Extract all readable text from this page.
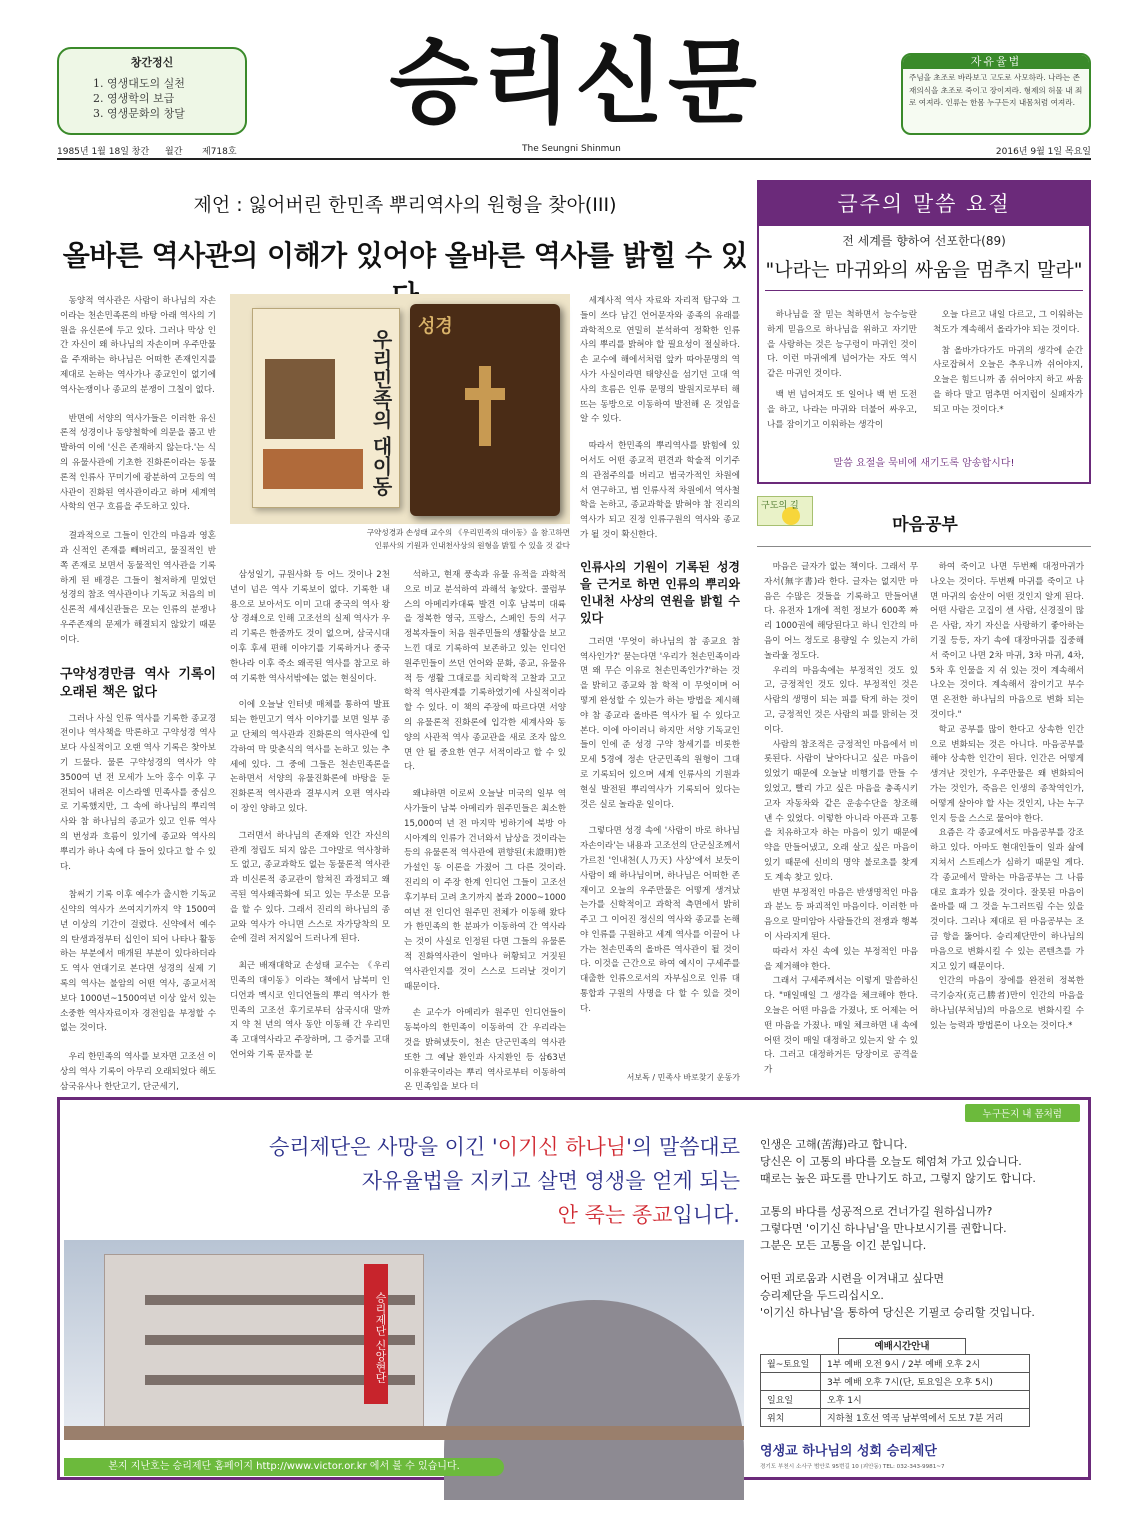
창간정신
1. 영생대도의 실천
2. 영생학의 보급
3. 영생문화의 창달	승리신문	자유율법
주님을 초조로 바라보고 고도로 사모하라. 나라는 존재의식을 초조로 죽이고 장이져라. 형제의 허물 내 죄로 여져라. 인류는 한몸 누구든지 내몸처럼 여져라.
1985년 1월 18일 창간 월간 제718호	The Seungni Shinmun	2016년 9월 1일 목요일
제언 : 잃어버린 한민족 뿌리역사의 원형을 찾아(III)
올바른 역사관의 이해가 있어야 올바른 역사를 밝힐 수 있

동양적 역사관은 사람이 하나님의 자손이라는 천손민족론의 바탕 아래 역사의 기원을 유신론에 두고 있다. 그러나 막상 인간 자신이 왜 하나님의 자손이며 우주만물을 주재하는 하나님은 어떠한 존재인지를 제대로 논하는 역사가나 종교인이 없기에 역사논쟁이나 종교의 분쟁이 그칠이 없다.

반면에 서양의 역사가들은 이러한 유신론적 성경이나 동양철학에 의문을 품고 반발하여 이에 '신은 존재하지 않는다.'는 식의 유물사관에 기초한 진화론이라는 동물론적 인류사 꾸미기에 광분하여 고등의 역사관이 진화된 역사관이라고 하며 세계역사학의 연구 흐름을 주도하고 있다.

결과적으로 그들이 인간의 마음과 영혼과 신적인 존재를 빼버리고, 물질적인 반쪽 존재로 보면서 동물적인 역사관을 기록하게 된 배경은 그들이 철저하게 믿었던 성경의 참조 역사관이나 기독교 처음의 비신론적 세세신관들은 모는 인류의 분쟁나 우주존재의 문제가 해결되지 않았기 때문이다.

구약성경만큼 역사 기록이 오래된 책은 없다

그러나 사실 인류 역사를 기록한 종교경전이나 역사책을 막론하고 구약성경 역사보다 사실적이고 오랜 역사 기록은 찾아보기 드물다. 물론 구약성경의 역사가 약 3500여 년 전 모세가 노아 홍수 이후 구전되어 내려온 이스라엘 민족사를 중심으로 기록했지만, 그 속에 하나님의 뿌리역사와 참 하나님의 종교가 있고 인류 역사의 번성과 흐름이 있기에 종교와 역사의 뿌리가 하나 속에 다 들어 있다고 할 수 있다.

참써기 기록 이후 예수가 출시한 기독교 신약의 역사가 쓰여지기까지 약 1500여 년 이상의 기간이 걸렸다. 신약에서 예수의 탄생과정부터 십인이 되어 나타나 활동하는 부분에서 매개된 부분이 있다하더라도 역사 연대기로 본다면 성경의 실제 기록의 역사는 불암의 어떤 역사, 종교서적보다 1000년~1500여년 이상 앞서 있는 소중한 역사자료이자 경전임을 부정할 수 없는 것이다.

우리 한민족의 역사를 보자면 고조선 이상의 역사 기록이 아무리 오래되었다 해도 삼국유사나 한단고기, 단군세기,

우리민족의 대이동
성경
구약성경과 손성태 교수의 《우리민족의 대이동》을 참고하면 인류사의 기원과 인내천사상의 원형을 밝힐 수 있을 것 같다

삼성일기, 규원사화 등 어느 것이나 2천년이 넘은 역사 기록보이 없다. 기록한 내용으로 보아서도 이미 고대 중국의 역사 왕상 경쇄으로 인해 고조선의 실제 역사가 우리 기록은 한줌까도 것이 없으며, 삼국시대 이후 후세 편해 이야기를 기록하거나 중국 한나라 이후 죽소 왜곡된 역사를 참고로 하여 기록한 역사서밖에는 없는 현실이다.

이에 오늘날 인터넷 매체를 통하여 발표되는 한민고기 역사 이야기를 보면 일부 종교 단체의 역사관과 진화론의 역사관에 입각하여 막 맞춘식의 역사를 논하고 있는 추세에 있다. 그 중에 그들은 천손민족론을 논하면서 서양의 유물진화론에 바탕을 둔 진화론적 역사관과 결부시켜 오편 역사라이 장인 양하고 있다.

그러면서 하나님의 존재와 인간 자신의 관계 정립도 되지 않은 그야말로 역사창하도 없고, 종교과학도 없는 동물론적 역사관과 비신론적 종교관이 함쳐진 과정되고 왜곡된 역사왜곡화에 되고 있는 무소문 모음을 할 수 있다. 그래서 진리의 하나님의 종교와 역사가 아니면 스스로 자가당착의 모순에 걸려 저지잃어 드러나게 된다.

최근 배재대학교 손성태 교수는 《우리민족의 대이동》이라는 책에서 남북미 인디언과 멕시코 인디언들의 뿌리 역사가 한민족의 고조선 후기로부터 삼국시대 말까지 약 천 년의 역사 동안 이동해 간 우리민족 고대역사라고 주장하며, 그 증거를 고대 언어와 기록 문자를 분

석하고, 현재 풍속과 유물 유적을 과학적으로 비교 분석하여 과해석 놓았다. 콜럼부스의 아메리카대륙 발견 이후 남북미 대륙을 정복한 영국, 프랑스, 스페인 등의 서구 정복자들이 처음 원주민들의 생활상을 보고 느낀 대로 기록하여 보존하고 있는 인디언 원주민들이 쓰던 언어와 문화, 종교, 유물유적 등 생활 그대로를 치리학적 고찰과 고고학적 역사관계를 기록하였기에 사실적이라 할 수 있다. 이 책의 주장에 따르다면 서양의 유물론적 진화론에 입각한 세계사와 동양의 사관적 역사 종교관을 새로 조자 않으면 안 될 중요한 연구 서적이라고 할 수 있다.

왜냐하면 이로써 오늘날 미국의 일부 역사가들이 남북 아메리카 원주민들은 최소한 15,000여 년 전 마지막 빙하기에 북방 아시아계의 인류가 건너와서 남상을 것이라는 등의 유물론적 역사관에 편향된(未證明)한 가설인 동 이론을 가졌어 그 다른 것이라. 진리의 이 주장 한계 인디언 그들이 고조선 후기부터 고려 초기까지 볼과 2000~1000여년 전 인디언 원주민 전체가 이동해 왔다가 한민족의 한 분파가 이동하여 간 역사라는 것이 사실로 인정된 다면 그들의 유물론적 진화역사관이 얼마나 허황되고 거짓된 역사관인지를 것이 스스로 드러날 것이기 때문이다.

손 교수가 아메리카 원주민 인디언들이 동북아의 한민족이 이동하여 간 우리라는 것을 밝혀냈듯이, 천손 단군민족의 역사관 또한 그 예날 환인과 사지환인 등 삼63년 이유환국이라는 뿌리 역사로부터 이동하여 온 민족임을 보다 더

세계사적 역사 자료와 자리적 탐구와 그들이 쓰다 남긴 언어문자와 종족의 유래를 과학적으로 연밀히 분석하여 정확한 인류사의 뿌리를 밝혀야 할 필요성이 절실하다. 손 교수에 해에서처럼 앞카 따아문명의 역사가 사실이라면 태양신을 섬기던 고대 역사의 흐름은 인류 문명의 발원지로부터 해뜨는 동방으로 이동하여 발전해 온 것임을 알 수 있다.

따라서 한민족의 뿌리역사를 밝힘에 있어서도 어떤 종교적 편견과 학술적 이기주의 관점주의를 버리고 범국가적인 차원에서 연구하고, 범 인류사적 차원에서 역사철학을 논하고, 종교과학을 밝혀야 참 진리의 역사가 되고 진정 인류구원의 역사와 종교가 될 것이 확신한다.

인류사의 기원이 기록된 성경을 근거로 하면 인류의 뿌리와 인내천 사상의 연원을 밝힐 수 있다

그러면 '무엇이 하나님의 참 종교요 참 역사인가?' 묻는다면 '우리가 천손민족이라면 왜 무슨 이유로 천손민족인가?'하는 것을 밝히고 종교와 참 학적 이 무엇이며 어떻게 완성할 수 있는가 하는 방법을 제시해야 참 종교라 올바른 역사가 될 수 있다고 본다. 이에 아이러니 하지만 서양 기독교인들이 인에 준 성경 구약 창세기를 비롯한 모세 5경에 정손 단군민족의 원형이 그대로 기록되어 있으며 세계 인류사의 기원과 현실 발전된 뿌리역사가 기록되어 있다는 것은 실로 놀라운 일이다.

그렇다면 성경 속에 '사람이 바로 하나님 자손이라'는 내용과 고조선의 단군실조께서 가르친 '인내천(人乃天) 사상'에서 보듯이 사람이 왜 하나님이며, 하나님은 어떠한 존재이고 오늘의 우주만물은 어떻게 생겨났는가를 신학적이고 과학적 측면에서 밝히주고 그 이어진 정신의 역사와 종교를 논해야 인류를 구원하고 세계 역사를 이끌어 나가는 천손민족의 올바른 역사관이 될 것이다. 이것을 근간으로 하여 예시이 구세주를 대출한 인류으로서의 자부심으로 인류 대통합과 구원의 사명을 다 할 수 있을 것이다.

서보독 / 민족사 바로찾기 운동가
금주의 말씀 요절
전 세계를 향하여 선포한다(89)
"나라는 마귀와의 싸움을 멈추지 말라"

하나님을 잘 믿는 척하면서 능수능란하게 믿음으로 하나님을 위하고 자기만을 사랑하는 것은 능구렁이 마귀인 것이다. 이런 마귀에게 넘어가는 자도 역시 같은 마귀인 것이다.

백 번 넘어져도 또 일어나 백 번 도전을 하고, 나라는 마귀와 더불어 싸우고, 나를 잠이기고 이워하는 생각이

오늘 다르고 내일 다르고, 그 이워하는 척도가 계속해서 올라가야 되는 것이다.

참 올바가다가도 마귀의 생각에 순간 사로잡혀서 오늘은 추우니까 쉬어야지, 오늘은 힘드니까 좀 쉬어야지 하고 싸움을 하다 말고 멈추면 어지럽이 실패자가 되고 마는 것이다.*

말씀 요절을 묵비에 새기도록 암송합시다!
구도의 길
마음공부

마음은 글자가 없는 책이다. 그래서 무자서(無字書)라 한다. 글자는 없지만 마음은 수많은 것들을 기록하고 만들어낸다. 유전자 1개에 적힌 정보가 600쪽 짜리 1000권에 해당된다고 하니 인간의 마음이 어느 정도로 용량일 수 있는지 가히 놀라울 정도다.

우리의 마음속에는 부정적인 것도 있고, 긍정적인 것도 있다. 부정적인 것은 사람의 생명이 되는 피를 탁게 하는 것이고, 긍정적인 것은 사람의 피를 맑히는 것이다.

사람의 참조적은 긍정적인 마음에서 비롯된다. 사람이 날아다니고 싶은 마음이 있었기 때문에 오늘날 비행기를 만들 수 있었고, 빨리 가고 싶은 마음을 충족시키고자 자동차와 같은 운송수단을 창조해 낸 수 있었다. 이렇한 아니라 아픈과 고통을 치유하고자 하는 마음이 있기 때문에 약을 만들어냈고, 오래 살고 싶은 마음이 있기 때문에 신비의 명약 불로초를 찾게도 계속 찾고 있다.

반면 부정적인 마음은 반생명적인 마음과 분노 등 파괴적인 마음이다. 이러한 마음으로 말미암아 사람들간의 전쟁과 행복이 사라지게 된다.

따라서 자신 속에 있는 부정적인 마음을 제거해야 한다.

그래서 구세주께서는 이렇게 말씀하신다. "매일매일 그 생각을 체크해야 한다. 오늘은 어떤 마음을 가졌나, 또 어제는 어떤 마음을 가졌나. 매일 체크하면 내 속에 어떤 것이 매일 대정하고 있는지 알 수 있다. 그러고 대정하거든 당장이로 공격을 가

하여 죽이고 나면 두번째 대정마귀가 나오는 것이다. 두번째 마귀를 죽이고 나면 마귀의 숨산이 어떤 것인지 알게 된다. 어떤 사람은 고집이 센 사람, 신경질이 많은 사람, 자기 자신을 사랑하기 좋아하는 기질 등등, 자기 속에 대장마귀를 집중해서 죽이고 나면 2차 마귀, 3차 마귀, 4차, 5차 후 인물을 지 쉬 있는 것이 계속해서 나오는 것이다. 계속해서 잠이기고 부수면 온전한 하나님의 마음으로 변화 되는 것이다."

학교 공부를 많이 한다고 상속한 인간으로 변화되는 것은 아니다. 마음공부를 해야 상속한 인간이 된다. 인간은 어떻게 생겨난 것인가, 우주만물은 왜 변화되어 가는 것인가, 죽음은 인생의 종착역인가, 어떻게 살아야 할 사는 것인지, 나는 누구인지 등을 스스로 물어야 한다.

요즘은 각 종교에서도 마음공부를 강조하고 있다. 아마도 현대인들이 일과 삶에 지쳐서 스트레스가 심하기 때문일 게다. 각 종교에서 말하는 마음공부는 그 나름대로 효과가 있을 것이다. 잘못된 마음이 올바를 때 그 것을 누그러뜨림 수는 있을 것이다. 그러나 제대로 된 마음공부는 조금 항을 뚫어다. 승리제단만이 하나님의 마음으로 변화시킬 수 있는 콘텐츠를 가지고 있기 때문이다.

인간의 마음이 장에를 완전히 정복한 극기승자(克己勝者)만이 인간의 마음을 하나님(부처님)의 마음으로 변화시킬 수 있는 능력과 방법론이 나오는 것이다.*

누구든지 내 몸처럼
승리제단은 사망을 이긴 '이기신 하나님'의 말씀대로
자유율법을 지키고 살면 영생을 얻게 되는
안 죽는 종교입니다.
승리제단 신앙현단
본지 지난호는 승리제단 홈페이지 http://www.victor.or.kr 에서 볼 수 있습니다.
인생은 고해(苦海)라고 합니다.
당신은 이 고통의 바다를 오늘도 헤엄쳐 가고 있습니다.
때로는 높은 파도를 만나기도 하고, 그렇지 않기도 합니다.
고통의 바다를 성공적으로 건너가길 원하십니까?
그렇다면 '이기신 하나님'을 만나보시기를 권합니다.
그분은 모든 고통을 이긴 분입니다.
어떤 괴로움과 시련을 이겨내고 싶다면
승리제단을 두드리십시오.
'이기신 하나님'을 통하여 당신은 기필코 승리할 것입니다.
예배시간안내
월~토요일	1부 예배 오전 9시 / 2부 예배 오후 2시
	3부 예배 오후 7시(단, 토요일은 오후 5시)
일요일	오후 1시
위치	지하철 1호선 역곡 남부역에서 도보 7분 거리
영생교 하나님의 성회 승리제단
경기도 부천시 소사구 범안로 95번길 10 (괴안동) TEL: 032-343-9981~7
